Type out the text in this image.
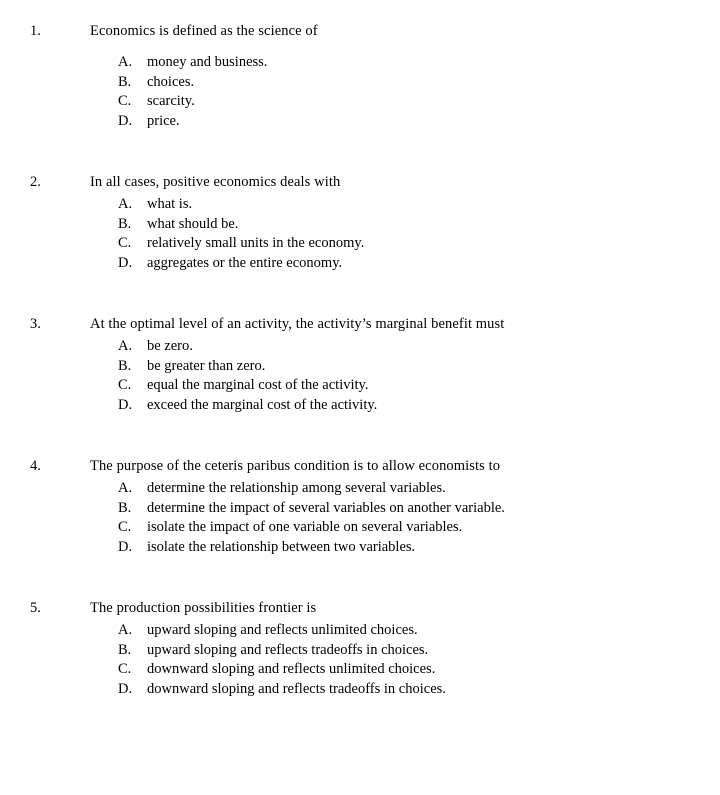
1.	Economics is defined as the science of
A.	money and business.
B.	choices.
C.	scarcity.
D.	price.
2.	In all cases, positive economics deals with
A.	what is.
B.	what should be.
C.	relatively small units in the economy.
D.	aggregates or the entire economy.
3.	At the optimal level of an activity, the activity’s marginal benefit must
A.	be zero.
B.	be greater than zero.
C.	equal the marginal cost of the activity.
D.	exceed the marginal cost of the activity.
4.	The purpose of the ceteris paribus condition is to allow economists to
A.	determine the relationship among several variables.
B.	determine the impact of several variables on another variable.
C.	isolate the impact of one variable on several variables.
D.	isolate the relationship between two variables.
5.	The production possibilities frontier is
A.	upward sloping and reflects unlimited choices.
B.	upward sloping and reflects tradeoffs in choices.
C.	downward sloping and reflects unlimited choices.
D.	downward sloping and reflects tradeoffs in choices.
